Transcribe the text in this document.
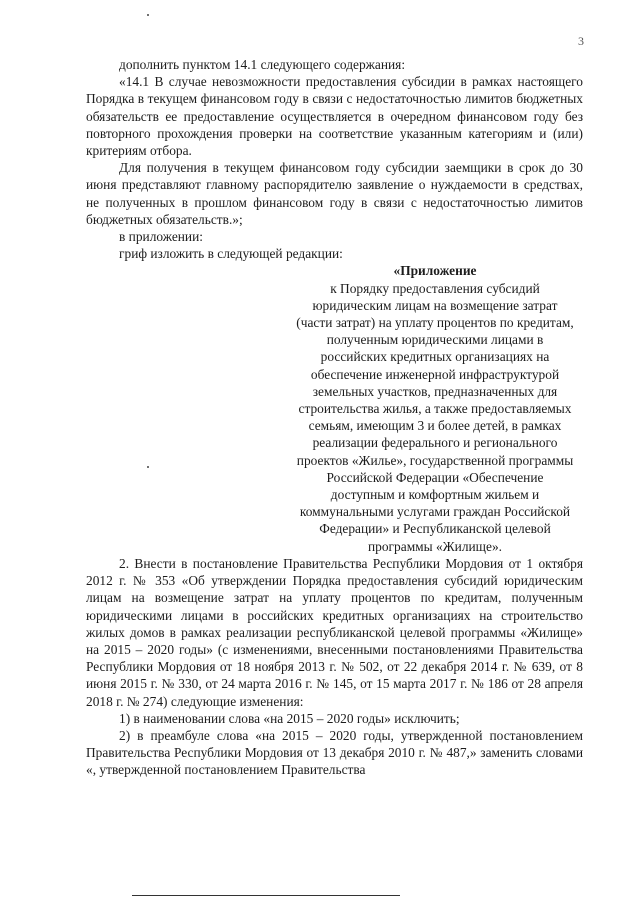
3

дополнить пунктом 14.1 следующего содержания:

«14.1 В случае невозможности предоставления субсидии в рамках настоящего Порядка в текущем финансовом году в связи с недостаточностью лимитов бюджетных обязательств ее предоставление осуществляется в очередном финансовом году без повторного прохождения проверки на соответствие указанным категориям и (или) критериям отбора.

Для получения в текущем финансовом году субсидии заемщики в срок до 30 июня представляют главному распорядителю заявление о нуждаемости в средствах, не полученных в прошлом финансовом году в связи с недостаточностью лимитов бюджетных обязательств.»;

в приложении:

гриф изложить в следующей редакции:

«Приложение
к Порядку предоставления субсидий юридическим лицам на возмещение затрат (части затрат) на уплату процентов по кредитам, полученным юридическими лицами в российских кредитных организациях на обеспечение инженерной инфраструктурой земельных участков, предназначенных для строительства жилья, а также предоставляемых семьям, имеющим 3 и более детей, в рамках реализации федерального и регионального проектов «Жилье», государственной программы Российской Федерации «Обеспечение доступным и комфортным жильем и коммунальными услугами граждан Российской Федерации» и Республиканской целевой программы «Жилище».

2. Внести в постановление Правительства Республики Мордовия от 1 октября 2012 г. № 353 «Об утверждении Порядка предоставления субсидий юридическим лицам на возмещение затрат на уплату процентов по кредитам, полученным юридическими лицами в российских кредитных организациях на строительство жилых домов в рамках реализации республиканской целевой программы «Жилище» на 2015 – 2020 годы» (с изменениями, внесенными постановлениями Правительства Республики Мордовия от 18 ноября 2013 г. № 502, от 22 декабря 2014 г. № 639, от 8 июня 2015 г. № 330, от 24 марта 2016 г. № 145, от 15 марта 2017 г. № 186 от 28 апреля 2018 г. № 274) следующие изменения:

1) в наименовании слова «на 2015 – 2020 годы» исключить;

2) в преамбуле слова «на 2015 – 2020 годы, утвержденной постановлением Правительства Республики Мордовия от 13 декабря 2010 г. № 487,» заменить словами «, утвержденной постановлением Правительства
